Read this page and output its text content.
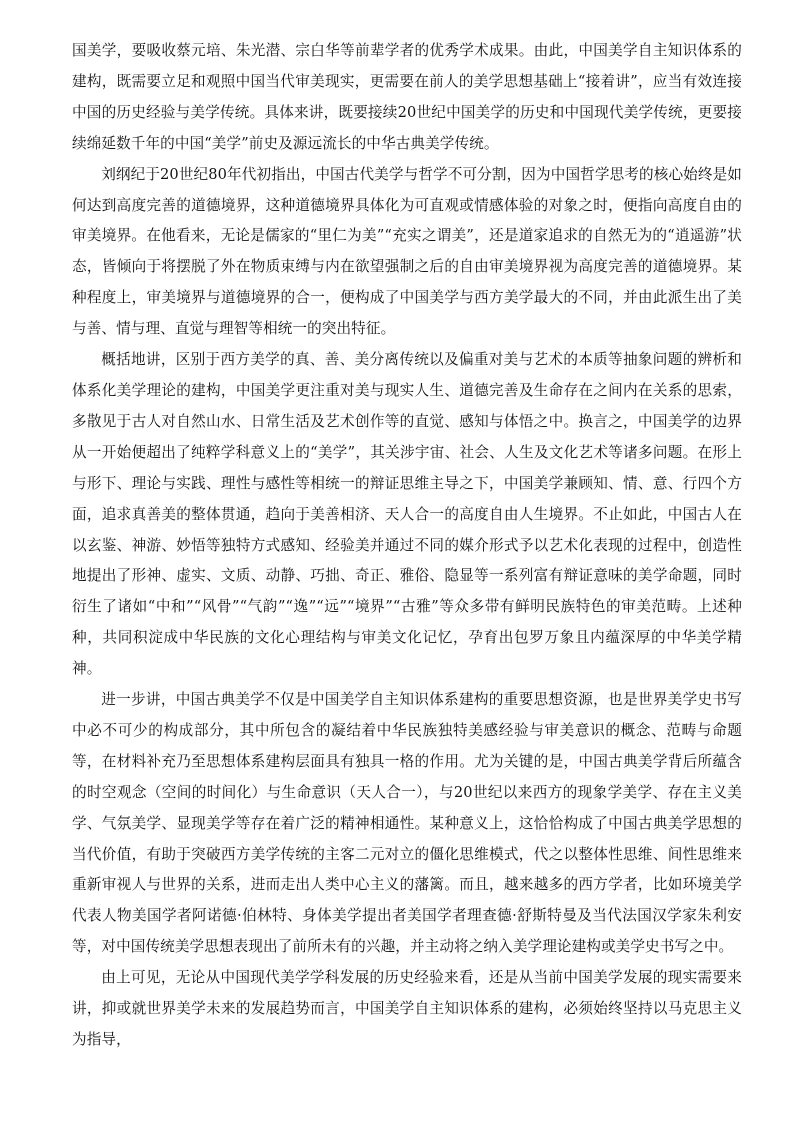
国美学，要吸收蔡元培、朱光潜、宗白华等前辈学者的优秀学术成果。由此，中国美学自主知识体系的建构，既需要立足和观照中国当代审美现实，更需要在前人的美学思想基础上“接着讲”，应当有效连接中国的历史经验与美学传统。具体来讲，既要接续20世纪中国美学的历史和中国现代美学传统，更要接续绵延数千年的中国“美学”前史及源远流长的中华古典美学传统。

刘纲纪于20世纪80年代初指出，中国古代美学与哲学不可分割，因为中国哲学思考的核心始终是如何达到高度完善的道德境界，这种道德境界具体化为可直观或情感体验的对象之时，便指向高度自由的审美境界。在他看来，无论是儒家的“里仁为美”“充实之谓美”，还是道家追求的自然无为的“逍遥游”状态，皆倾向于将摆脱了外在物质束缚与内在欲望强制之后的自由审美境界视为高度完善的道德境界。某种程度上，审美境界与道德境界的合一，便构成了中国美学与西方美学最大的不同，并由此派生出了美与善、情与理、直觉与理智等相统一的突出特征。

概括地讲，区别于西方美学的真、善、美分离传统以及偏重对美与艺术的本质等抽象问题的辨析和体系化美学理论的建构，中国美学更注重对美与现实人生、道德完善及生命存在之间内在关系的思索，多散见于古人对自然山水、日常生活及艺术创作等的直觉、感知与体悟之中。换言之，中国美学的边界从一开始便超出了纯粹学科意义上的“美学”，其关涉宇宙、社会、人生及文化艺术等诸多问题。在形上与形下、理论与实践、理性与感性等相统一的辩证思维主导之下，中国美学兼顾知、情、意、行四个方面，追求真善美的整体贯通，趋向于美善相济、天人合一的高度自由人生境界。不止如此，中国古人在以玄鉴、神游、妙悟等独特方式感知、经验美并通过不同的媒介形式予以艺术化表现的过程中，创造性地提出了形神、虚实、文质、动静、巧拙、奇正、雅俗、隐显等一系列富有辩证意味的美学命题，同时衍生了诸如“中和”“风骨”“气韵”“逸”“远”“境界”“古雅”等众多带有鲜明民族特色的审美范畴。上述种种，共同积淀成中华民族的文化心理结构与审美文化记忆，孕育出包罗万象且内蕴深厚的中华美学精神。

进一步讲，中国古典美学不仅是中国美学自主知识体系建构的重要思想资源，也是世界美学史书写中必不可少的构成部分，其中所包含的凝结着中华民族独特美感经验与审美意识的概念、范畴与命题等，在材料补充乃至思想体系建构层面具有独具一格的作用。尤为关键的是，中国古典美学背后所蕴含的时空观念（空间的时间化）与生命意识（天人合一），与20世纪以来西方的现象学美学、存在主义美学、气氛美学、显现美学等存在着广泛的精神相通性。某种意义上，这恰恰构成了中国古典美学思想的当代价值，有助于突破西方美学传统的主客二元对立的僵化思维模式，代之以整体性思维、间性思维来重新审视人与世界的关系，进而走出人类中心主义的藩篱。而且，越来越多的西方学者，比如环境美学代表人物美国学者阿诺德·伯林特、身体美学提出者美国学者理查德·舒斯特曼及当代法国汉学家朱利安等，对中国传统美学思想表现出了前所未有的兴趣，并主动将之纳入美学理论建构或美学史书写之中。

由上可见，无论从中国现代美学学科发展的历史经验来看，还是从当前中国美学发展的现实需要来讲，抑或就世界美学未来的发展趋势而言，中国美学自主知识体系的建构，必须始终坚持以马克思主义为指导，
